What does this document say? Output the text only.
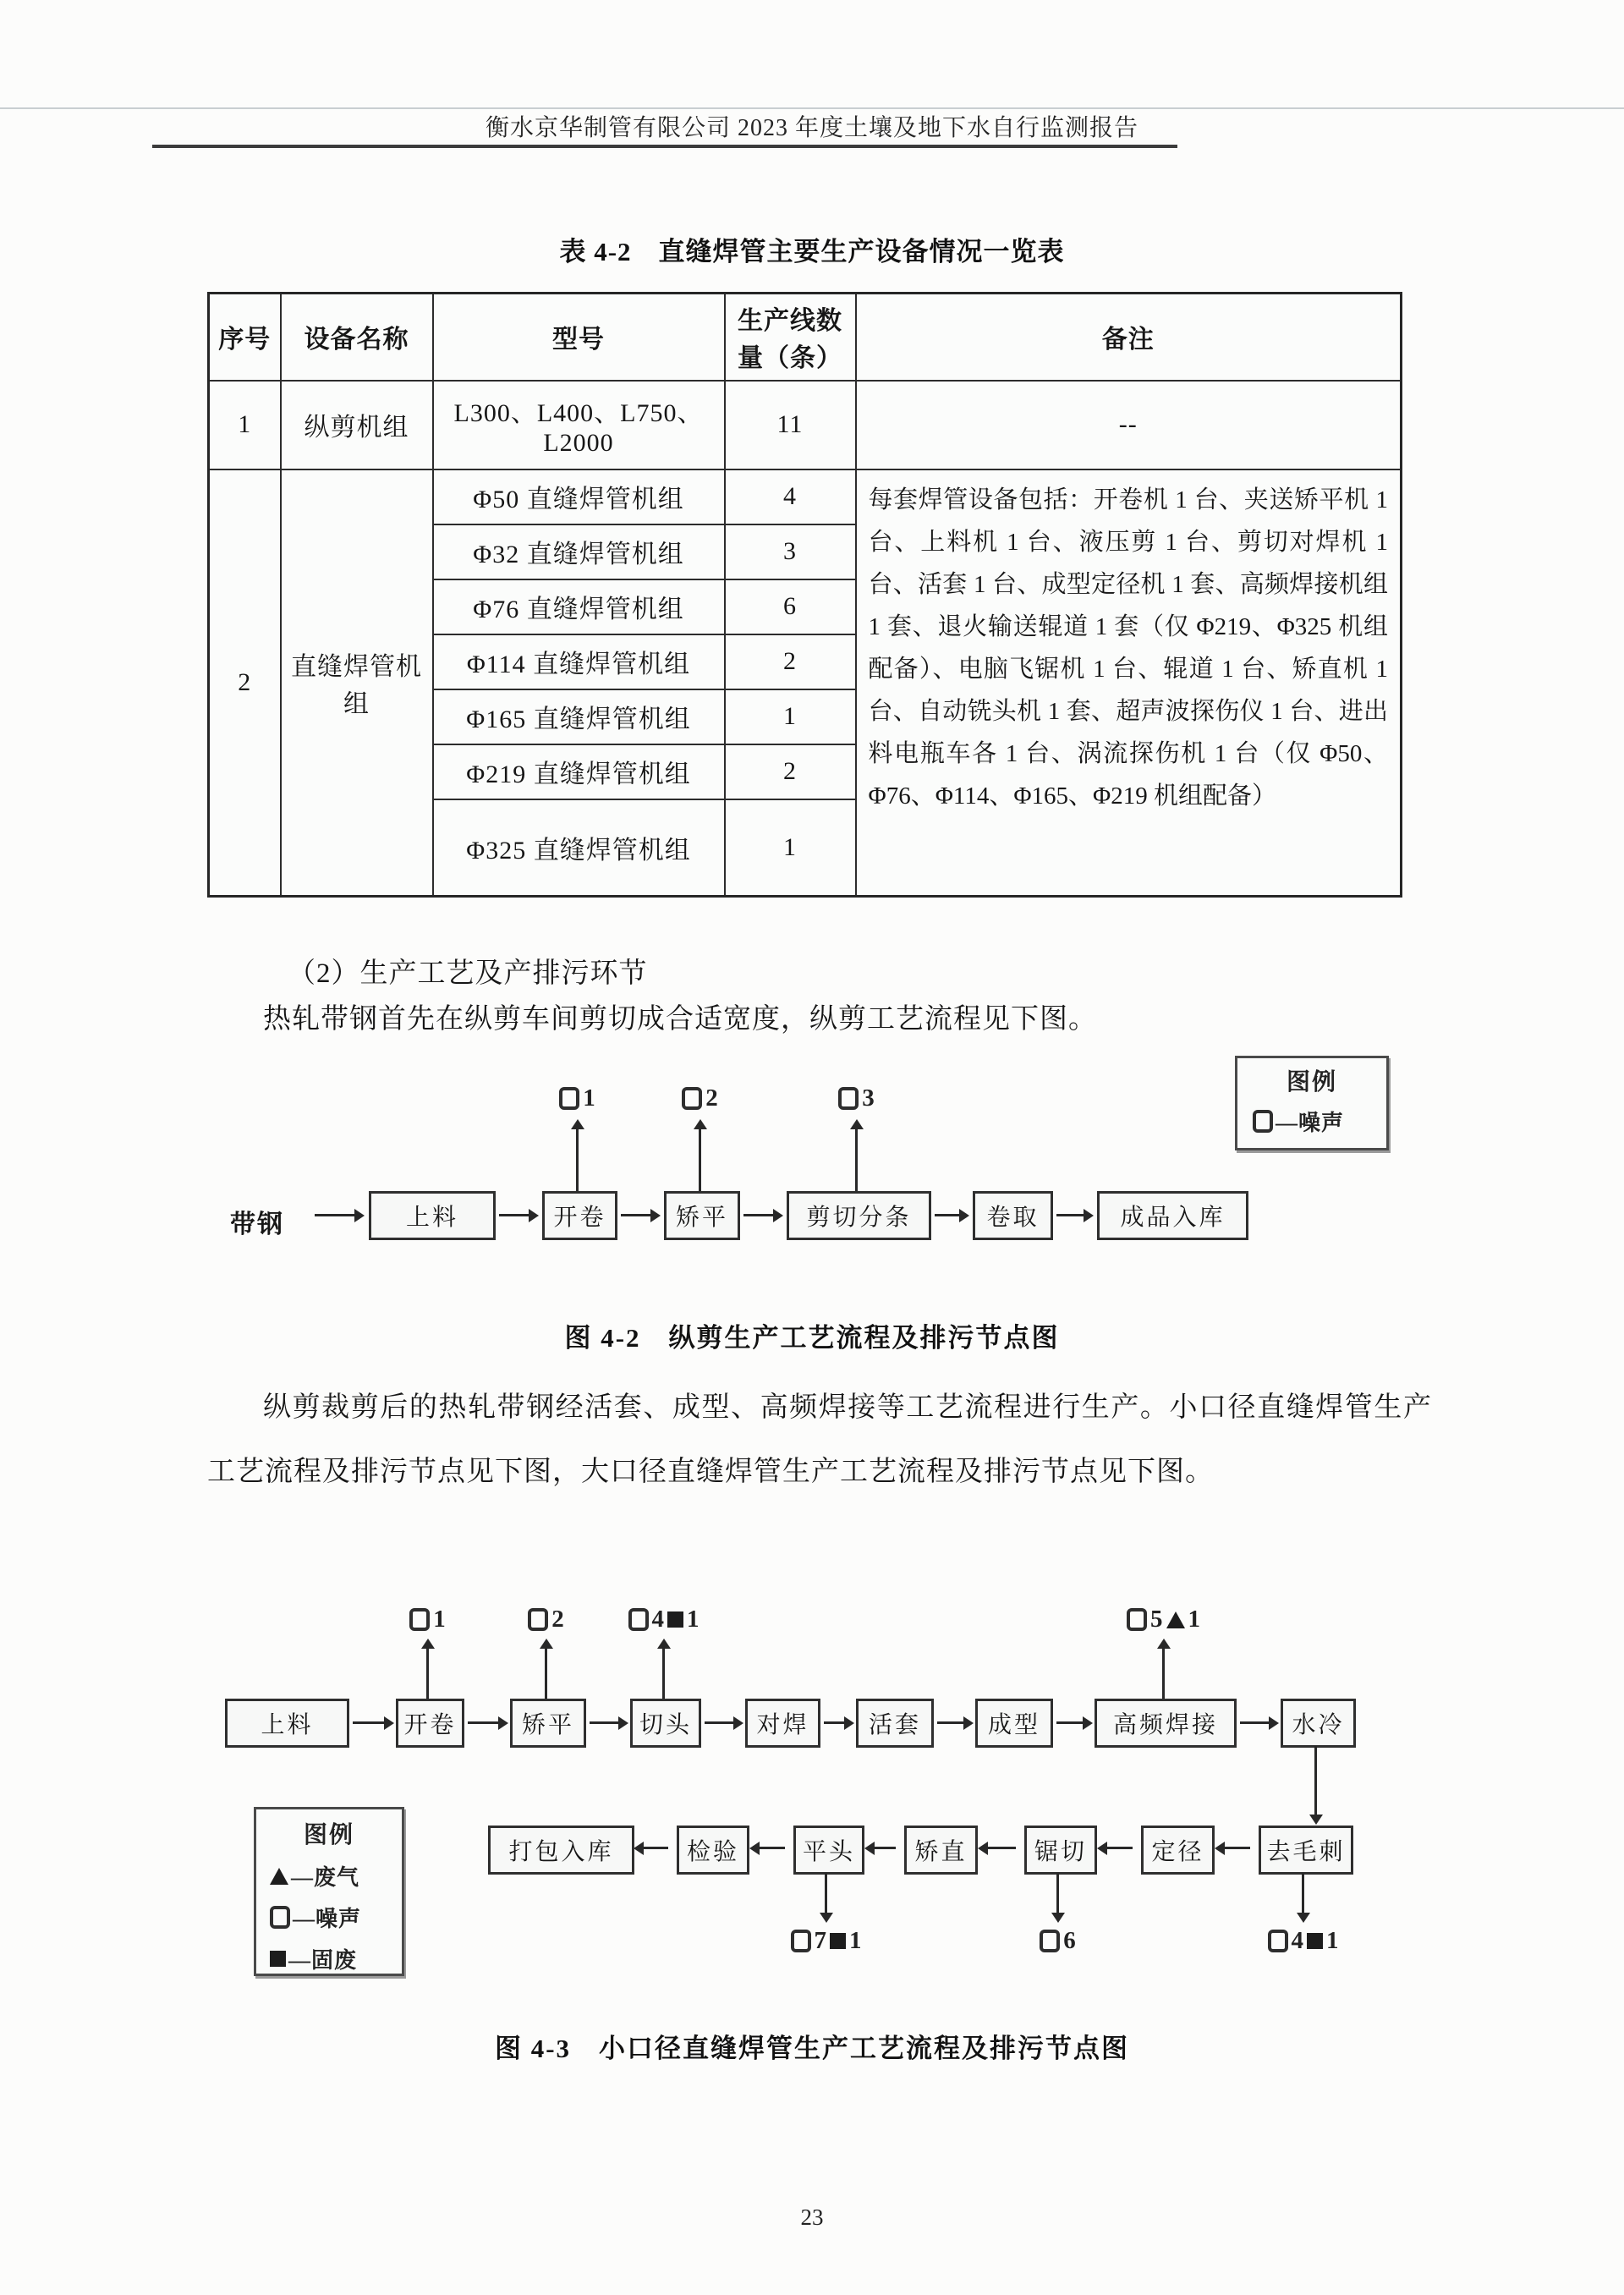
衡水京华制管有限公司 2023 年度土壤及地下水自行监测报告
表 4-2　直缝焊管主要生产设备情况一览表
序号	设备名称	型号	生产线数量（条）	备注
1	纵剪机组	L300、L400、L750、L2000	11	--
2	直缝焊管机组	Φ50 直缝焊管机组	4	每套焊管设备包括：开卷机 1 台、夹送矫平机 1 台、上料机 1 台、液压剪 1 台、剪切对焊机 1 台、活套 1 台、成型定径机 1 套、高频焊接机组 1 套、退火输送辊道 1 套（仅 Φ219、Φ325 机组配备）、电脑飞锯机 1 台、辊道 1 台、矫直机 1 台、自动铣头机 1 套、超声波探伤仪 1 台、进出料电瓶车各 1 台、涡流探伤机 1 台（仅 Φ50、Φ76、Φ114、Φ165、Φ219 机组配备）
		Φ32 直缝焊管机组	3	
		Φ76 直缝焊管机组	6	
		Φ114 直缝焊管机组	2	
		Φ165 直缝焊管机组	1	
		Φ219 直缝焊管机组	2	
		Φ325 直缝焊管机组	1	
（2）生产工艺及产排污环节
热轧带钢首先在纵剪车间剪切成合适宽度，纵剪工艺流程见下图。
带钢	上料	开卷	矫平	剪切分条	卷取	成品入库
1	2	3
图例
—噪声
图 4-2　纵剪生产工艺流程及排污节点图
纵剪裁剪后的热轧带钢经活套、成型、高频焊接等工艺流程进行生产。小口径直缝焊管生产工艺流程及排污节点见下图，大口径直缝焊管生产工艺流程及排污节点见下图。
上料	开卷	矫平	切头	对焊	活套	成型	高频焊接	水冷
1	2	4 1	5 1
打包入库	检验	平头	矫直	锯切	定径	去毛刺
7 1	6	4 1
图例
—废气
—噪声
—固废
图 4-3　小口径直缝焊管生产工艺流程及排污节点图
23
